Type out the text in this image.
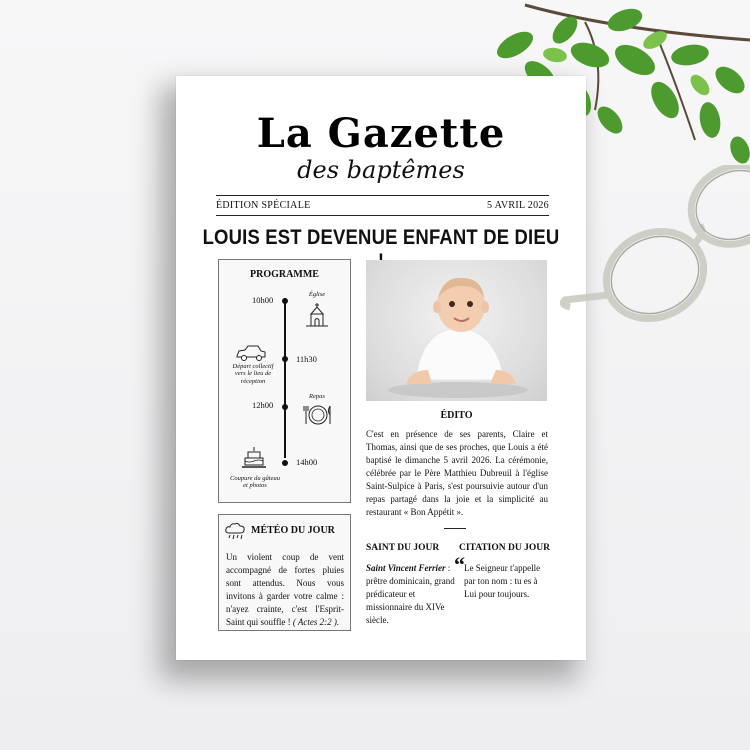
La Gazette
des baptêmes
ÉDITION SPÉCIALE	5 AVRIL 2026
LOUIS EST DEVENUE ENFANT DE DIEU
PROGRAMME
10h00
Église
11h30
Départ collectif vers le lieu de réception
12h00
Repas
14h00
Coupure du gâteau et photos
MÉTÉO DU JOUR
Un violent coup de vent accompagné de fortes pluies sont attendus. Nous vous invitons à garder votre calme : n'ayez crainte, c'est l'Esprit-Saint qui souffle ! ( Actes 2:2 ).
ÉDITO
C'est en présence de ses parents, Claire et Thomas, ainsi que de ses proches, que Louis a été baptisé le dimanche 5 avril 2026. La cérémonie, célébrée par le Père Matthieu Dubreuil à l'église Saint-Sulpice à Paris, s'est poursuivie autour d'un repas partagé dans la joie et la simplicité au restaurant « Bon Appétit ».
SAINT DU JOUR
Saint Vincent Ferrier : prêtre dominicain, grand prédicateur et missionnaire du XIVe siècle.
CITATION DU JOUR
“ Le Seigneur t'appelle par ton nom : tu es à Lui pour toujours.
